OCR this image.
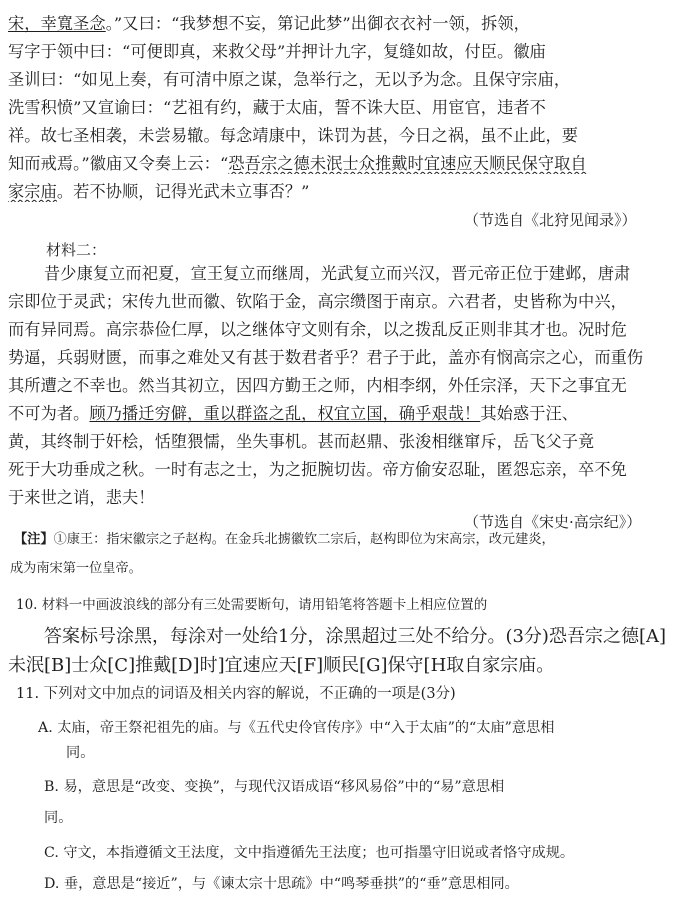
宋，幸寬圣念。”又曰：“我梦想不妄，第记此梦”出御衣衣衬一领，拆领，
写字于领中曰：“可便即真，来救父母”并押计九字，复缝如故，付臣。徽庙
圣训曰：“如见上奏，有可清中原之谋，急举行之，无以予为念。且保守宗庙，
洗雪积愤”又宣谕曰：“艺祖有约，藏于太庙，誓不诛大臣、用宦官，违者不
祥。故七圣相袭，未尝易辙。每念靖康中，诛罚为甚，今日之祸，虽不止此，要
知而戒焉。”徽庙又令奏上云：“恐吾宗之德未泯士众推戴时宜速应天顺民保守取自
家宗庙。若不协顺，记得光武未立事否？”
（节选自《北狩见闻录》）
材料二：
昔少康复立而祀夏，宣王复立而继周，光武复立而兴汉，晋元帝正位于建邺，唐肃
宗即位于灵武；宋传九世而徽、钦陷于金，高宗缵图于南京。六君者，史皆称为中兴，
而有异同焉。高宗恭俭仁厚，以之继体守文则有余，以之拨乱反正则非其才也。况时危
势逼，兵弱财匮，而事之难处又有甚于数君者乎？君子于此，盖亦有悯高宗之心，而重伤
其所遭之不幸也。然当其初立，因四方勤王之师，内相李纲，外任宗泽，天下之事宜无
不可为者。顾乃播迁穷僻，重以群盗之乱，权宜立国，确乎艰哉！其始惑于汪、
黄，其终制于奸桧，恬堕猥懦，坐失事机。甚而赵鼎、张浚相继窜斥，岳飞父子竟
死于大功垂成之秋。一时有志之士，为之扼腕切齿。帝方偷安忍耻，匿怨忘亲，卒不免
于来世之诮，悲夫！
（节选自《宋史·高宗纪》）
【注】①康王：指宋徽宗之子赵构。在金兵北掳徽钦二宗后，赵构即位为宋高宗，改元建炎，
成为南宋第一位皇帝。
10. 材料一中画波浪线的部分有三处需要断句，请用铅笔将答题卡上相应位置的
答案标号涂黑，每涂对一处给1分，涂黑超过三处不给分。(3分)恐吾宗之德[A]
未泯[B]士众[C]推戴[D]时]宜速应天[F]顺民[G]保守[H取自家宗庙。
11. 下列对文中加点的词语及相关内容的解说，不正确的一项是(3分)
A. 太庙，帝王祭祀祖先的庙。与《五代史伶官传序》中“入于太庙”的“太庙”意思相
同。
B. 易，意思是“改变、变换”，与现代汉语成语“移风易俗”中的“易”意思相
同。
C. 守文，本指遵循文王法度，文中指遵循先王法度；也可指墨守旧说或者恪守成规。
D. 垂，意思是“接近”，与《谏太宗十思疏》中“鸣琴垂拱”的“垂”意思相同。
